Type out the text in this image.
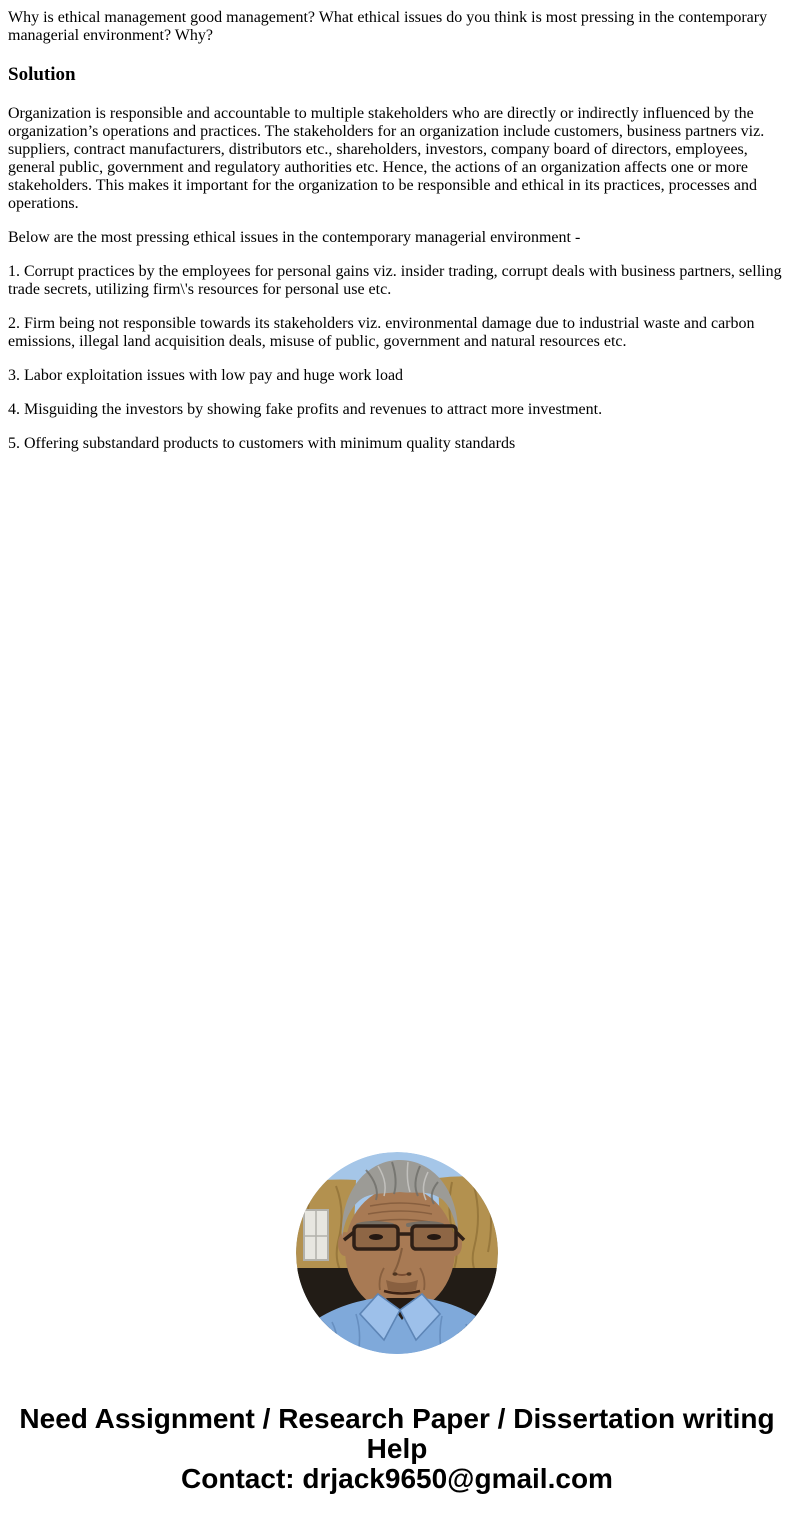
Why is ethical management good management? What ethical issues do you think is most pressing in the contemporary managerial environment? Why?

Solution

Organization is responsible and accountable to multiple stakeholders who are directly or indirectly influenced by the organization’s operations and practices. The stakeholders for an organization include customers, business partners viz. suppliers, contract manufacturers, distributors etc., shareholders, investors, company board of directors, employees, general public, government and regulatory authorities etc. Hence, the actions of an organization affects one or more stakeholders. This makes it important for the organization to be responsible and ethical in its practices, processes and operations.

Below are the most pressing ethical issues in the contemporary managerial environment -

1. Corrupt practices by the employees for personal gains viz. insider trading, corrupt deals with business partners, selling trade secrets, utilizing firm\'s resources for personal use etc.

2. Firm being not responsible towards its stakeholders viz. environmental damage due to industrial waste and carbon emissions, illegal land acquisition deals, misuse of public, government and natural resources etc.

3. Labor exploitation issues with low pay and huge work load

4. Misguiding the investors by showing fake profits and revenues to attract more investment.

5. Offering substandard products to customers with minimum quality standards

Need Assignment / Research Paper / Dissertation writing Help
Contact: drjack9650@gmail.com
